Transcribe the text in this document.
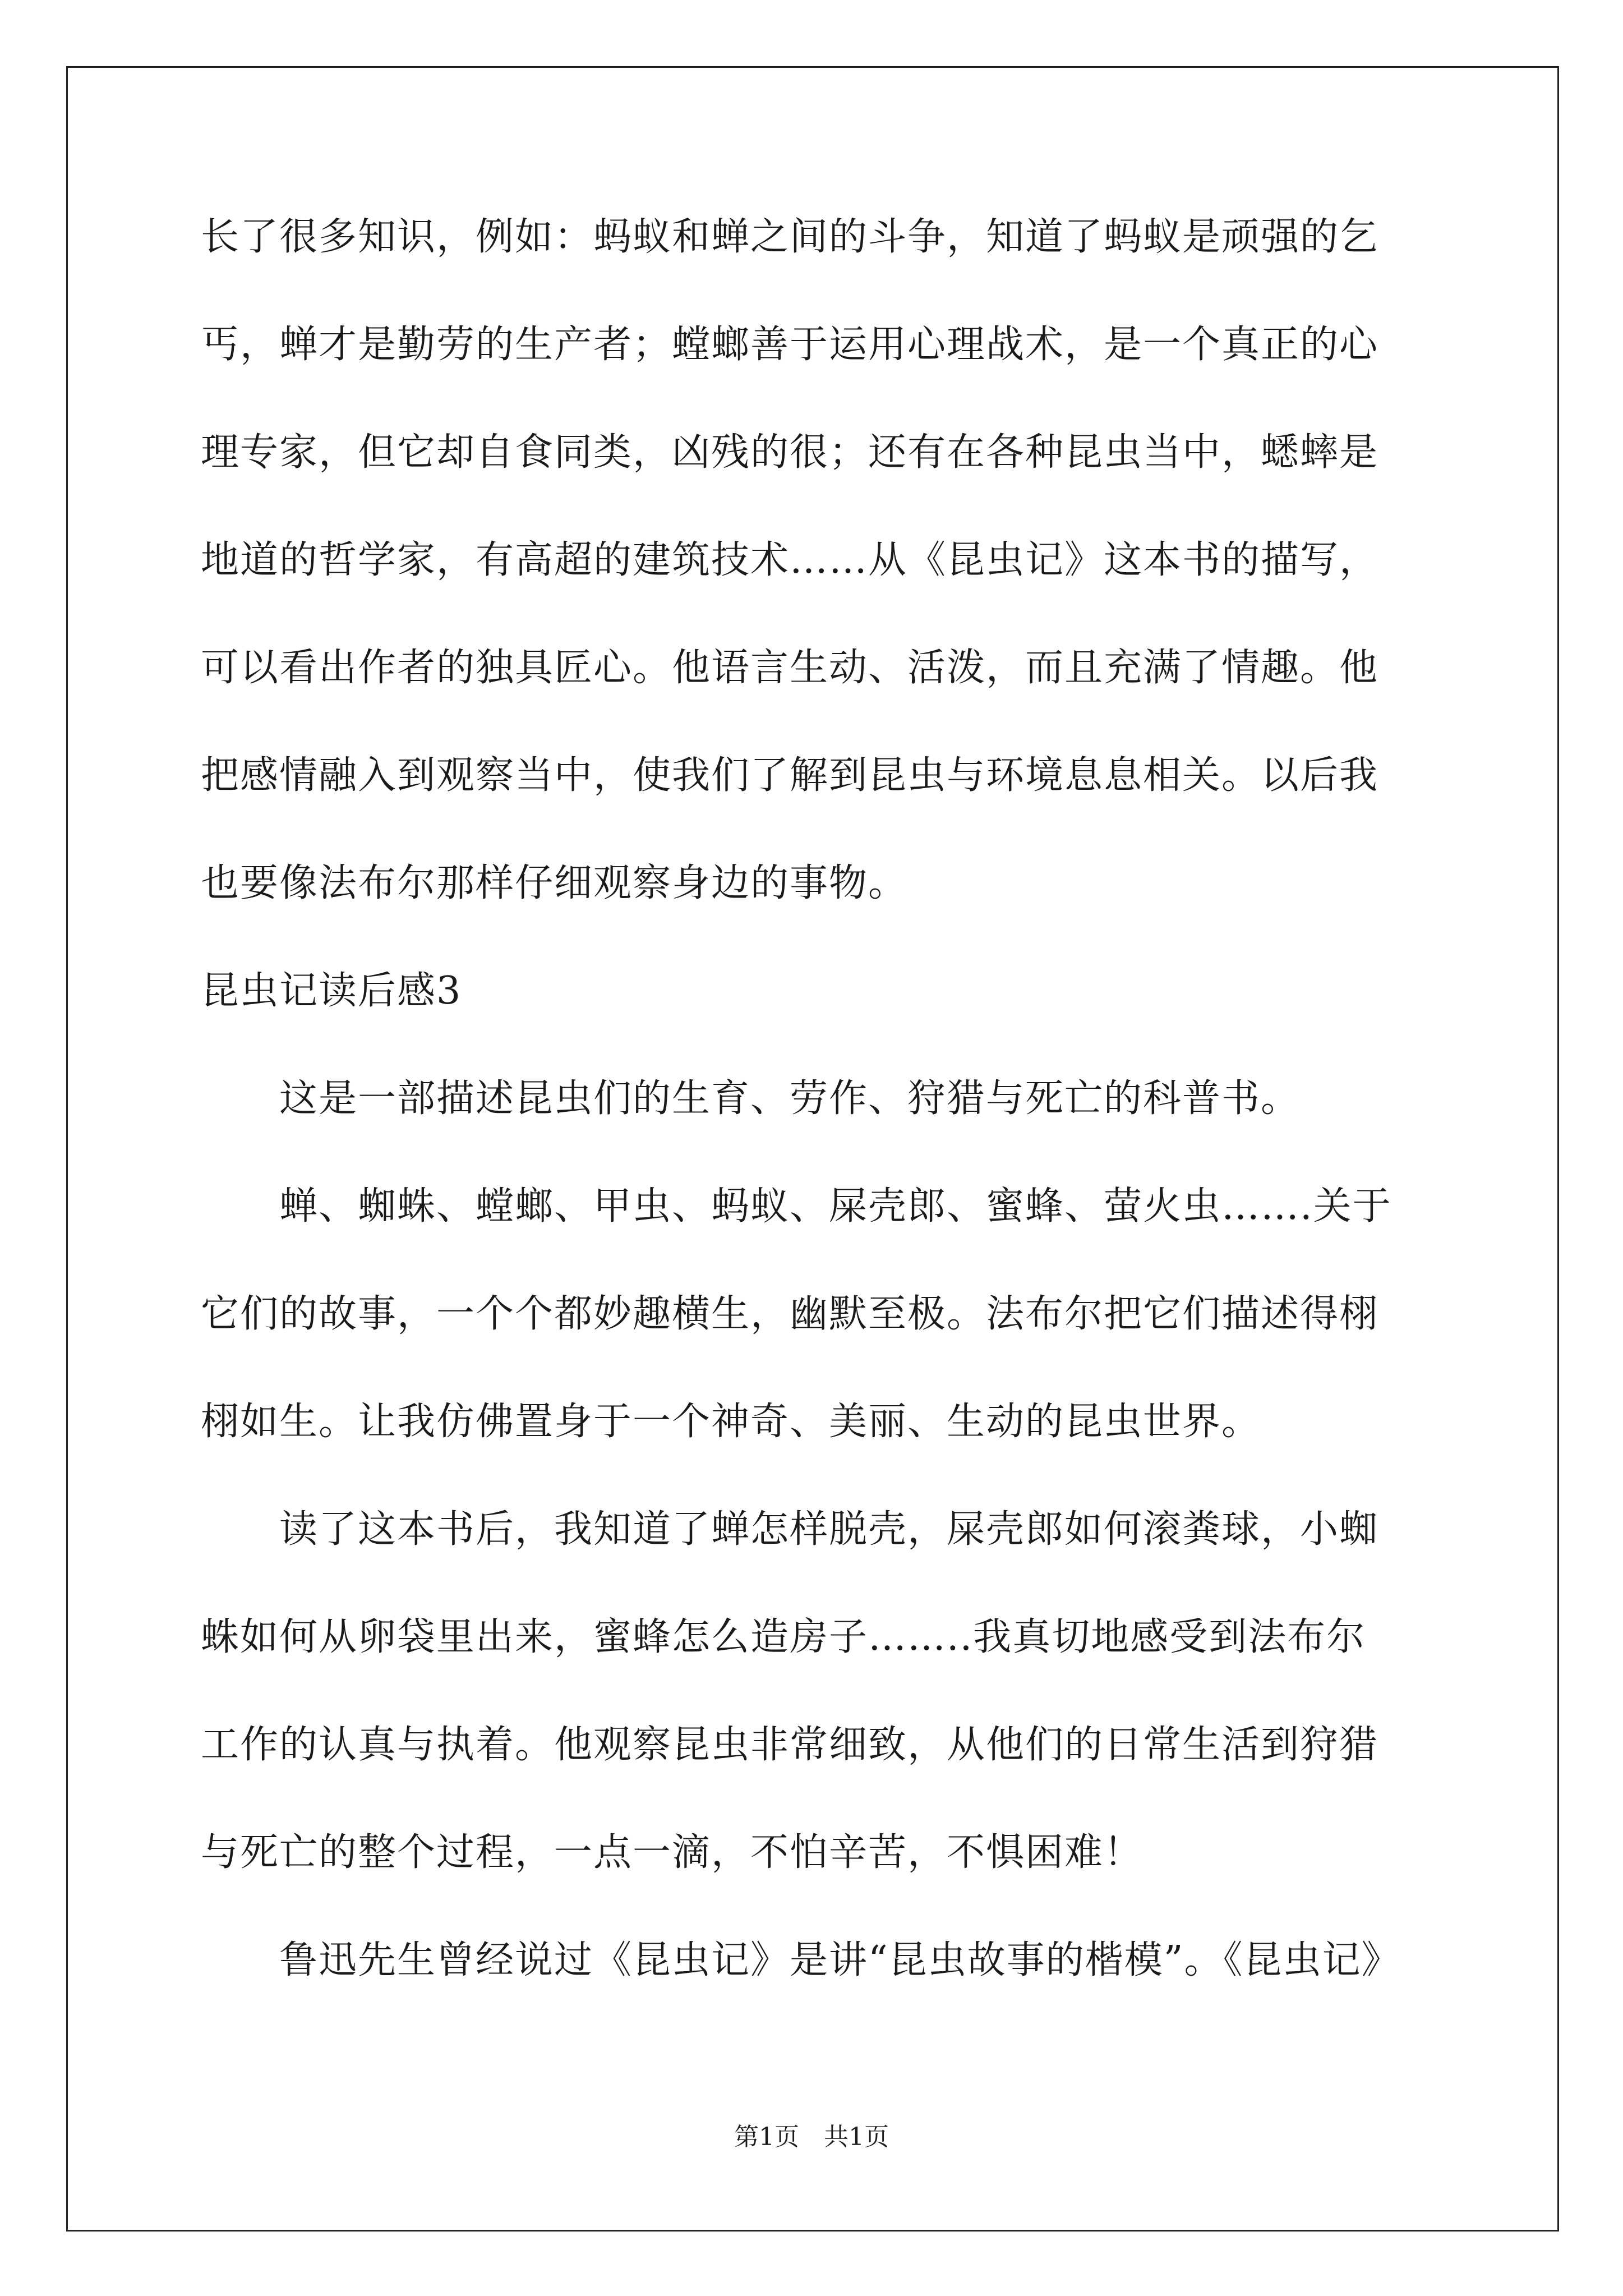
长了很多知识，例如：蚂蚁和蝉之间的斗争，知道了蚂蚁是顽强的乞
丐，蝉才是勤劳的生产者；螳螂善于运用心理战术，是一个真正的心
理专家，但它却自食同类，凶残的很；还有在各种昆虫当中，蟋蟀是
地道的哲学家，有高超的建筑技术……从《昆虫记》这本书的描写，
可以看出作者的独具匠心。他语言生动、活泼，而且充满了情趣。他
把感情融入到观察当中，使我们了解到昆虫与环境息息相关。以后我
也要像法布尔那样仔细观察身边的事物。
昆虫记读后感3
这是一部描述昆虫们的生育、劳作、狩猎与死亡的科普书。
蝉、蜘蛛、螳螂、甲虫、蚂蚁、屎壳郎、蜜蜂、萤火虫…….关于
它们的故事，一个个都妙趣横生，幽默至极。法布尔把它们描述得栩
栩如生。让我仿佛置身于一个神奇、美丽、生动的昆虫世界。
读了这本书后，我知道了蝉怎样脱壳，屎壳郎如何滚粪球，小蜘
蛛如何从卵袋里出来，蜜蜂怎么造房子……..我真切地感受到法布尔
工作的认真与执着。他观察昆虫非常细致，从他们的日常生活到狩猎
与死亡的整个过程，一点一滴，不怕辛苦，不惧困难！
鲁迅先生曾经说过《昆虫记》是讲“昆虫故事的楷模”。《昆虫记》
第1页　共1页
